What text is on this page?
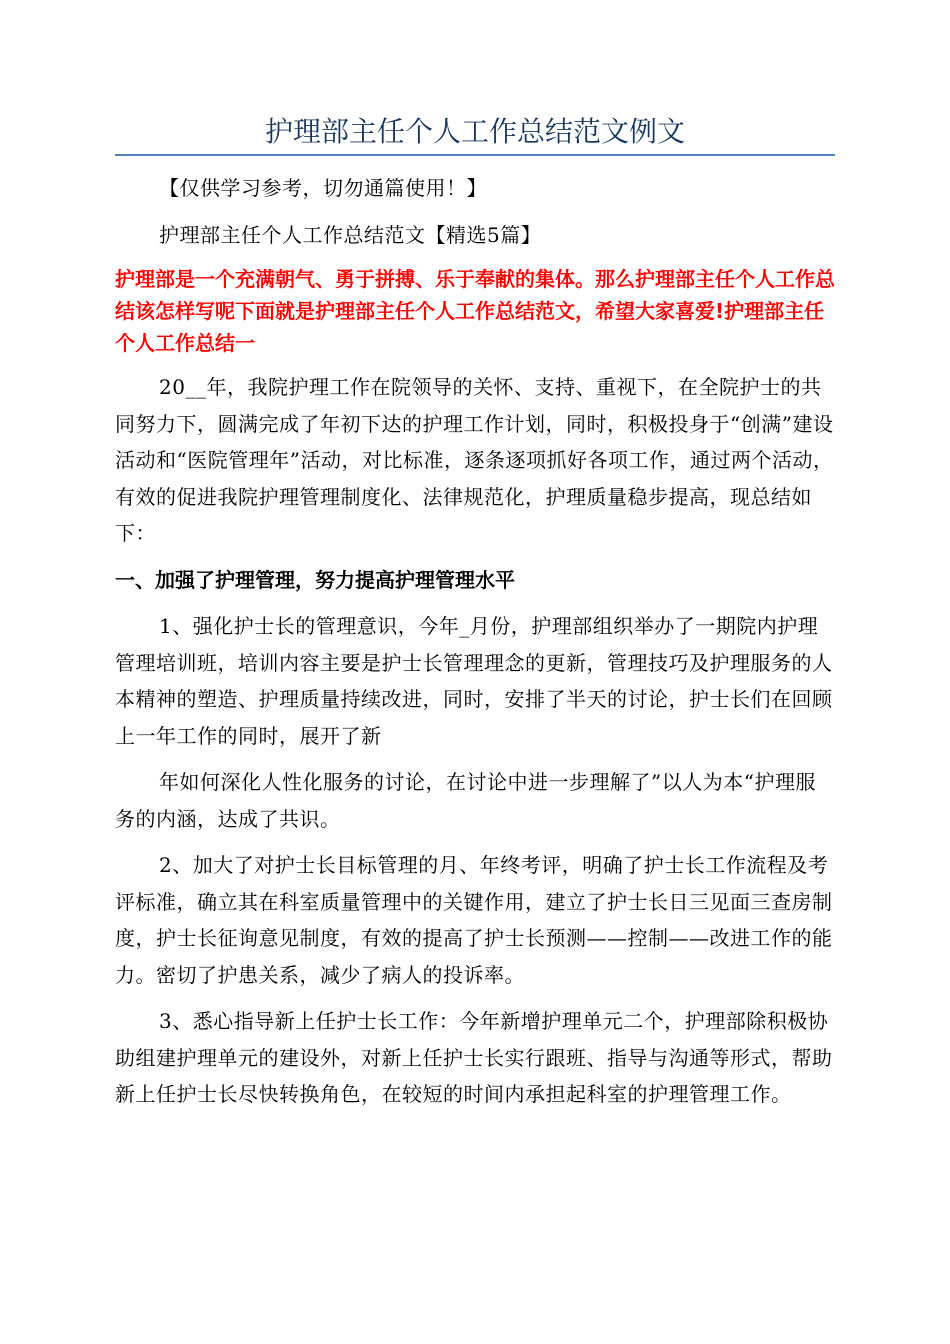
护理部主任个人工作总结范文例文

【仅供学习参考，切勿通篇使用！】

护理部主任个人工作总结范文【精选5篇】

护理部是一个充满朝气、勇于拼搏、乐于奉献的集体。那么护理部主任个人工作总结该怎样写呢下面就是护理部主任个人工作总结范文，希望大家喜爱!护理部主任个人工作总结一

20__年，我院护理工作在院领导的关怀、支持、重视下，在全院护士的共同努力下，圆满完成了年初下达的护理工作计划，同时，积极投身于“创满”建设活动和“医院管理年”活动，对比标准，逐条逐项抓好各项工作，通过两个活动，有效的促进我院护理管理制度化、法律规范化，护理质量稳步提高，现总结如下：

一、加强了护理管理，努力提高护理管理水平

1、强化护士长的管理意识，今年_月份，护理部组织举办了一期院内护理管理培训班，培训内容主要是护士长管理理念的更新，管理技巧及护理服务的人本精神的塑造、护理质量持续改进，同时，安排了半天的讨论，护士长们在回顾上一年工作的同时，展开了新

年如何深化人性化服务的讨论，在讨论中进一步理解了”以人为本“护理服务的内涵，达成了共识。

2、加大了对护士长目标管理的月、年终考评，明确了护士长工作流程及考评标准，确立其在科室质量管理中的关键作用，建立了护士长日三见面三查房制度，护士长征询意见制度，有效的提高了护士长预测——控制——改进工作的能力。密切了护患关系，减少了病人的投诉率。

3、悉心指导新上任护士长工作：今年新增护理单元二个，护理部除积极协助组建护理单元的建设外，对新上任护士长实行跟班、指导与沟通等形式，帮助新上任护士长尽快转换角色，在较短的时间内承担起科室的护理管理工作。
